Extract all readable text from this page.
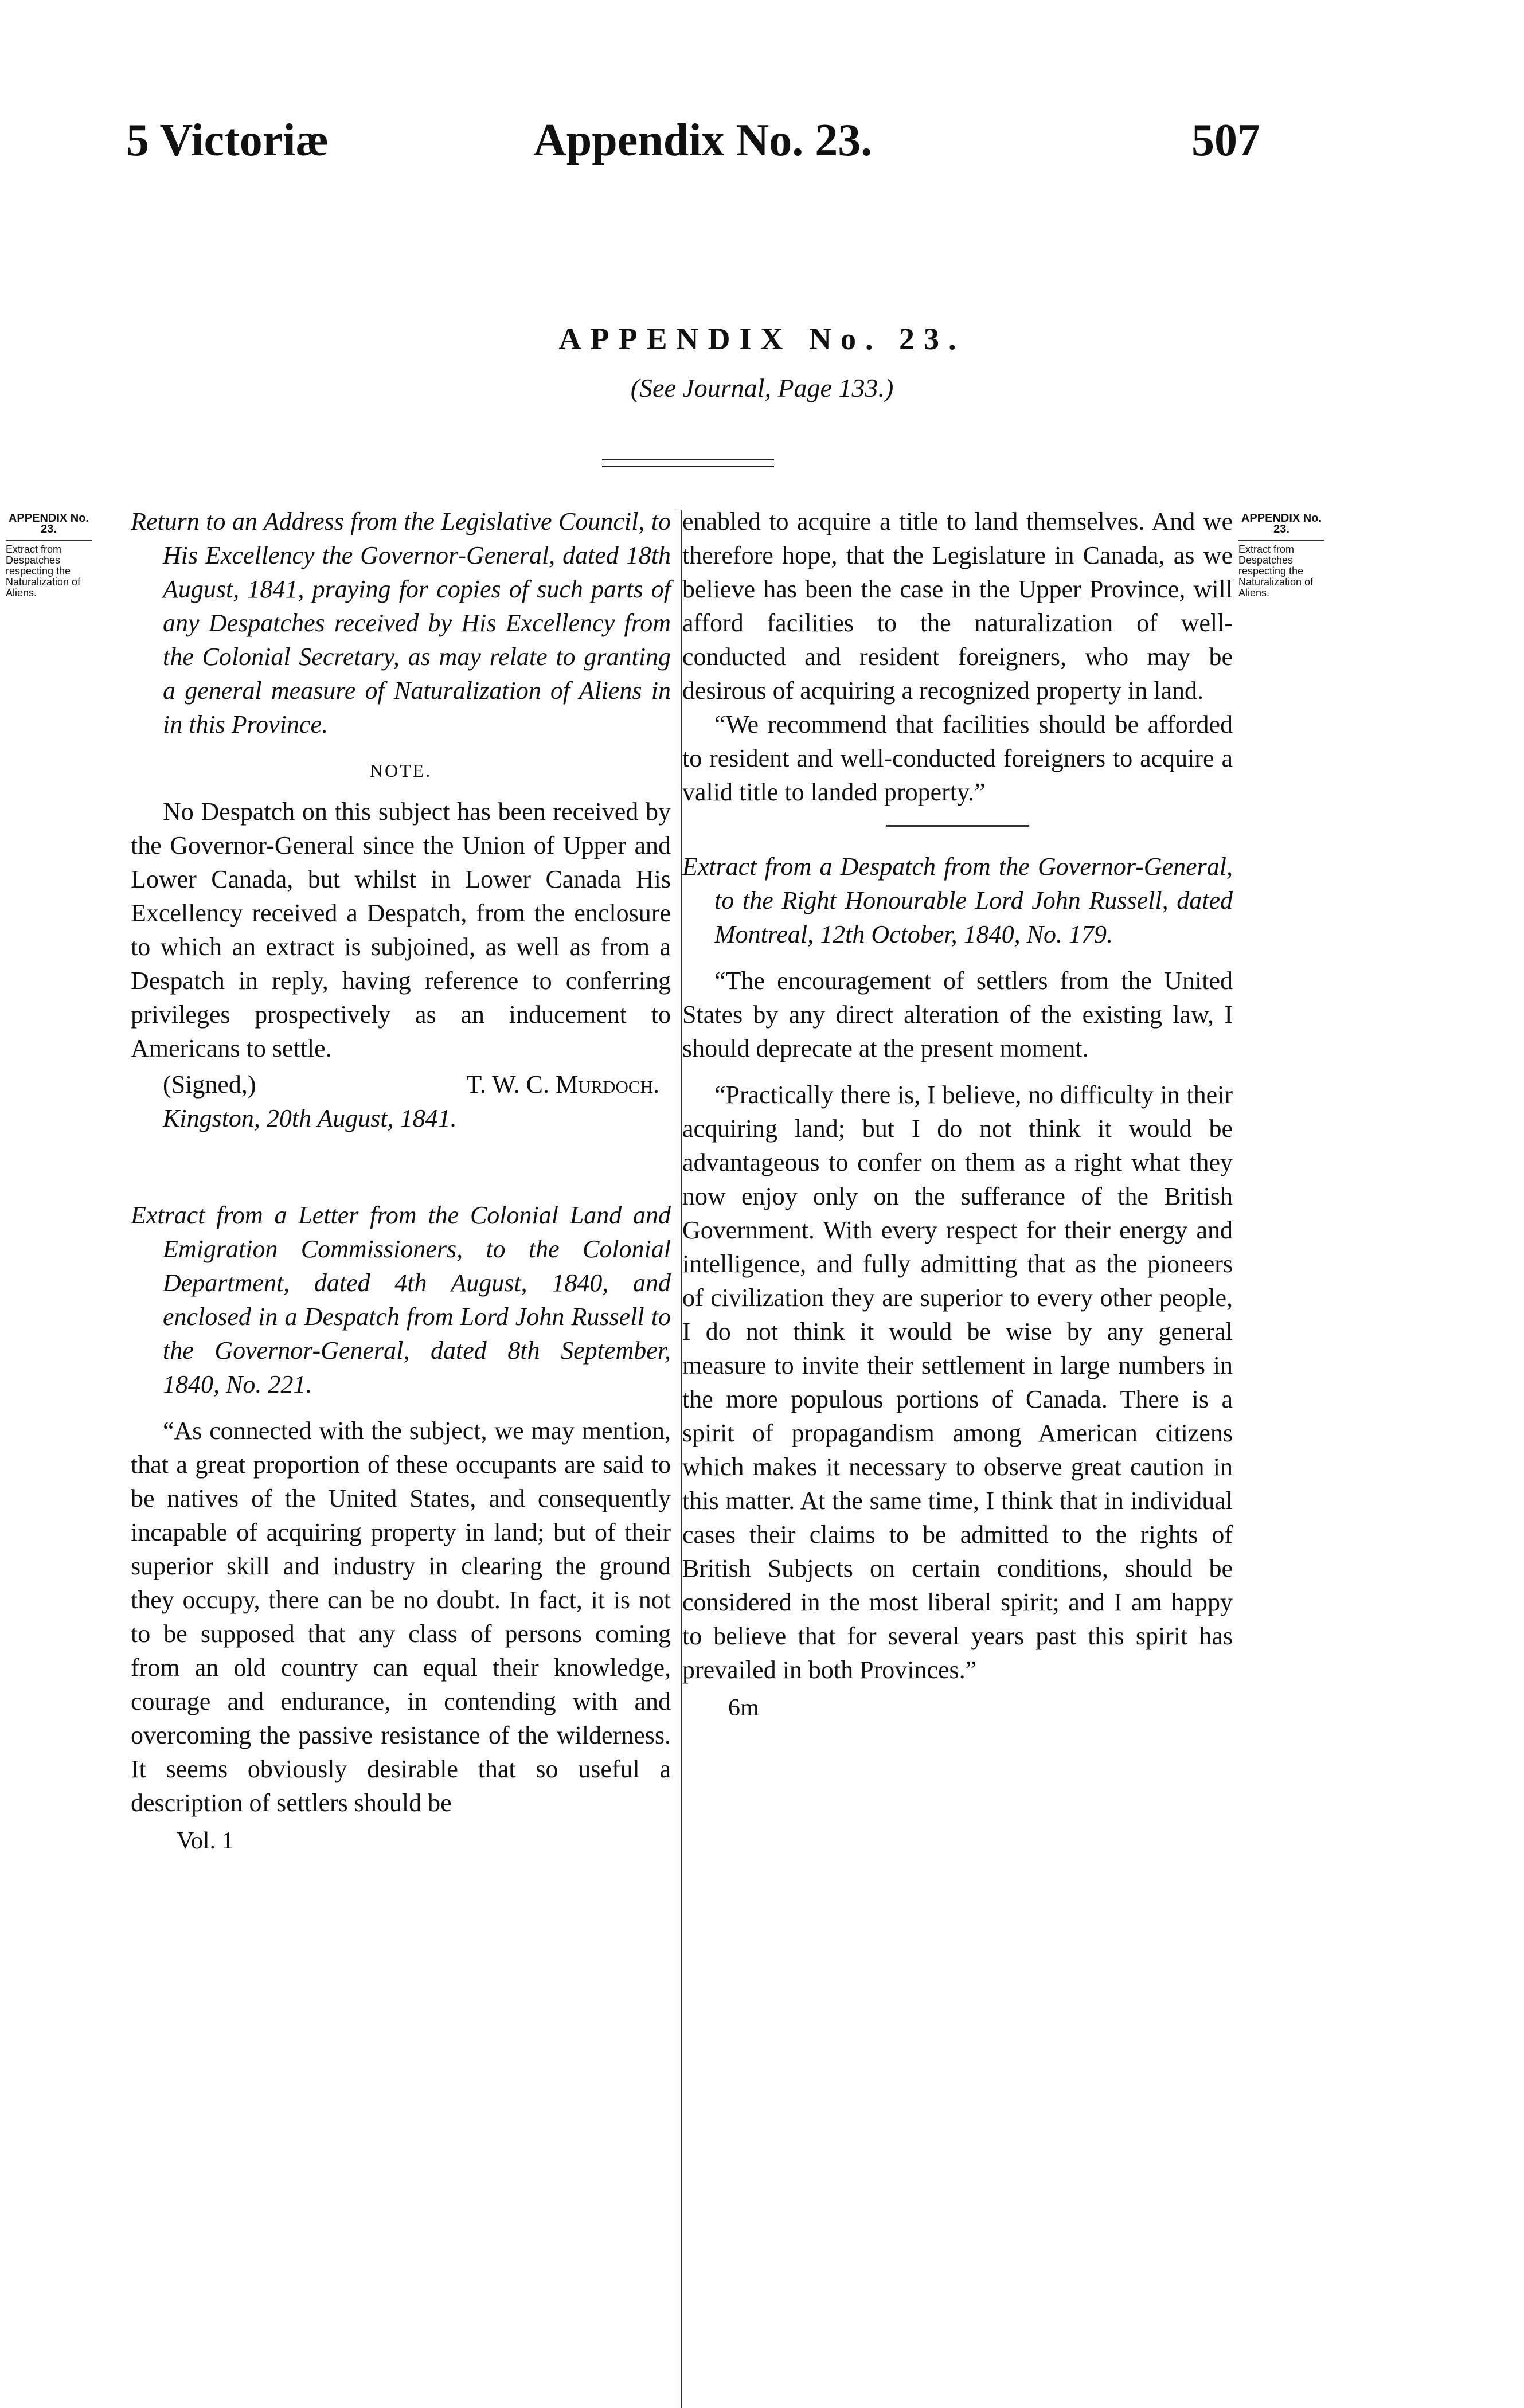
5 Victoriæ	Appendix No. 23.	507
APPENDIX No. 23.
(See Journal, Page 133.)
APPENDIX No. 23.
Extract from Despatches respecting the Naturalization of Aliens.
APPENDIX No. 23.
Extract from Despatches respecting the Naturalization of Aliens.

Return to an Address from the Legislative Council, to His Excellency the Governor-General, dated 18th August, 1841, praying for copies of such parts of any Despatches received by His Excellency from the Colonial Secretary, as may relate to granting a general measure of Naturalization of Aliens in in this Province.

NOTE.

No Despatch on this subject has been received by the Governor-General since the Union of Upper and Lower Canada, but whilst in Lower Canada His Excellency received a Despatch, from the enclosure to which an extract is subjoined, as well as from a Despatch in reply, having reference to conferring privileges prospectively as an inducement to Americans to settle.

(Signed,)	T. W. C. Murdoch.

Kingston, 20th August, 1841.

Extract from a Letter from the Colonial Land and Emigration Commissioners, to the Colonial Department, dated 4th August, 1840, and enclosed in a Despatch from Lord John Russell to the Governor-General, dated 8th September, 1840, No. 221.

“As connected with the subject, we may mention, that a great proportion of these occupants are said to be natives of the United States, and consequently incapable of acquiring property in land; but of their superior skill and industry in clearing the ground they occupy, there can be no doubt. In fact, it is not to be supposed that any class of persons coming from an old country can equal their knowledge, courage and endurance, in contending with and overcoming the passive resistance of the wilderness. It seems obviously desirable that so useful a description of settlers should be

Vol. 1

enabled to acquire a title to land themselves. And we therefore hope, that the Legislature in Canada, as we believe has been the case in the Upper Province, will afford facilities to the naturalization of well-conducted and resident foreigners, who may be desirous of acquiring a recognized property in land.

“We recommend that facilities should be afforded to resident and well-conducted foreigners to acquire a valid title to landed property.”

Extract from a Despatch from the Governor-General, to the Right Honourable Lord John Russell, dated Montreal, 12th October, 1840, No. 179.

“The encouragement of settlers from the United States by any direct alteration of the existing law, I should deprecate at the present moment.

“Practically there is, I believe, no difficulty in their acquiring land; but I do not think it would be advantageous to confer on them as a right what they now enjoy only on the sufferance of the British Government. With every respect for their energy and intelligence, and fully admitting that as the pioneers of civilization they are superior to every other people, I do not think it would be wise by any general measure to invite their settlement in large numbers in the more populous portions of Canada. There is a spirit of propagandism among American citizens which makes it necessary to observe great caution in this matter. At the same time, I think that in individual cases their claims to be admitted to the rights of British Subjects on certain conditions, should be considered in the most liberal spirit; and I am happy to believe that for several years past this spirit has prevailed in both Provinces.”

6m
